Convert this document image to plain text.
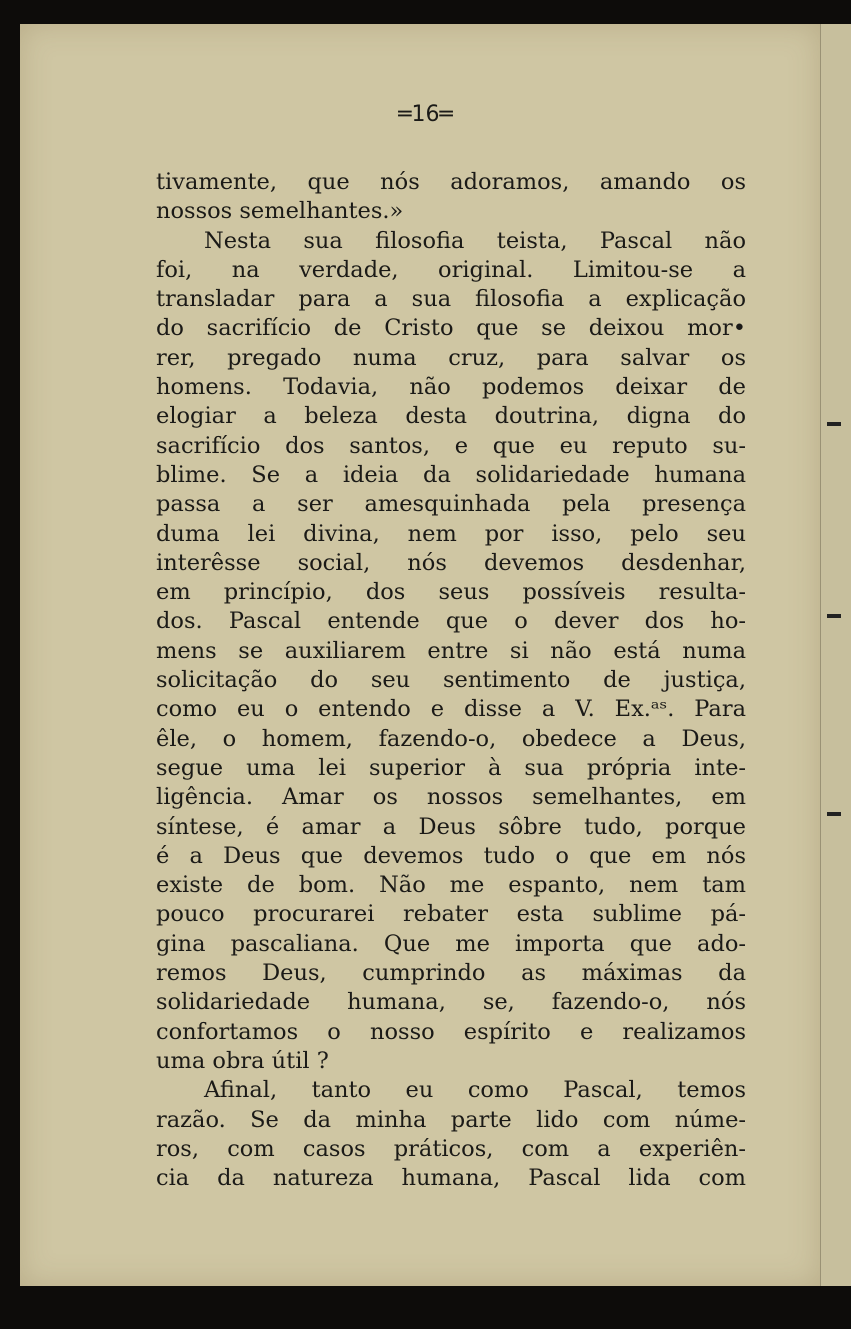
═16═
tivamente, que nós adoramos, amando os
nossos semelhantes.»
Nesta sua filosofia teista, Pascal não
foi, na verdade, original. Limitou-se a
transladar para a sua filosofia a explicação
do sacrifício de Cristo que se deixou mor•
rer, pregado numa cruz, para salvar os
homens. Todavia, não podemos deixar de
elogiar a beleza desta doutrina, digna do
sacrifício dos santos, e que eu reputo su-
blime. Se a ideia da solidariedade humana
passa a ser amesquinhada pela presença
duma lei divina, nem por isso, pelo seu
interêsse social, nós devemos desdenhar,
em princípio, dos seus possíveis resulta-
dos. Pascal entende que o dever dos ho-
mens se auxiliarem entre si não está numa
solicitação do seu sentimento de justiça,
como eu o entendo e disse a V. Ex.ᵃˢ. Para
êle, o homem, fazendo-o, obedece a Deus,
segue uma lei superior à sua própria inte-
ligência. Amar os nossos semelhantes, em
síntese, é amar a Deus sôbre tudo, porque
é a Deus que devemos tudo o que em nós
existe de bom. Não me espanto, nem tam
pouco procurarei rebater esta sublime pá-
gina pascaliana. Que me importa que ado-
remos Deus, cumprindo as máximas da
solidariedade humana, se, fazendo-o, nós
confortamos o nosso espírito e realizamos
uma obra útil ?
Afinal, tanto eu como Pascal, temos
razão. Se da minha parte lido com núme-
ros, com casos práticos, com a experiên-
cia da natureza humana, Pascal lida com
